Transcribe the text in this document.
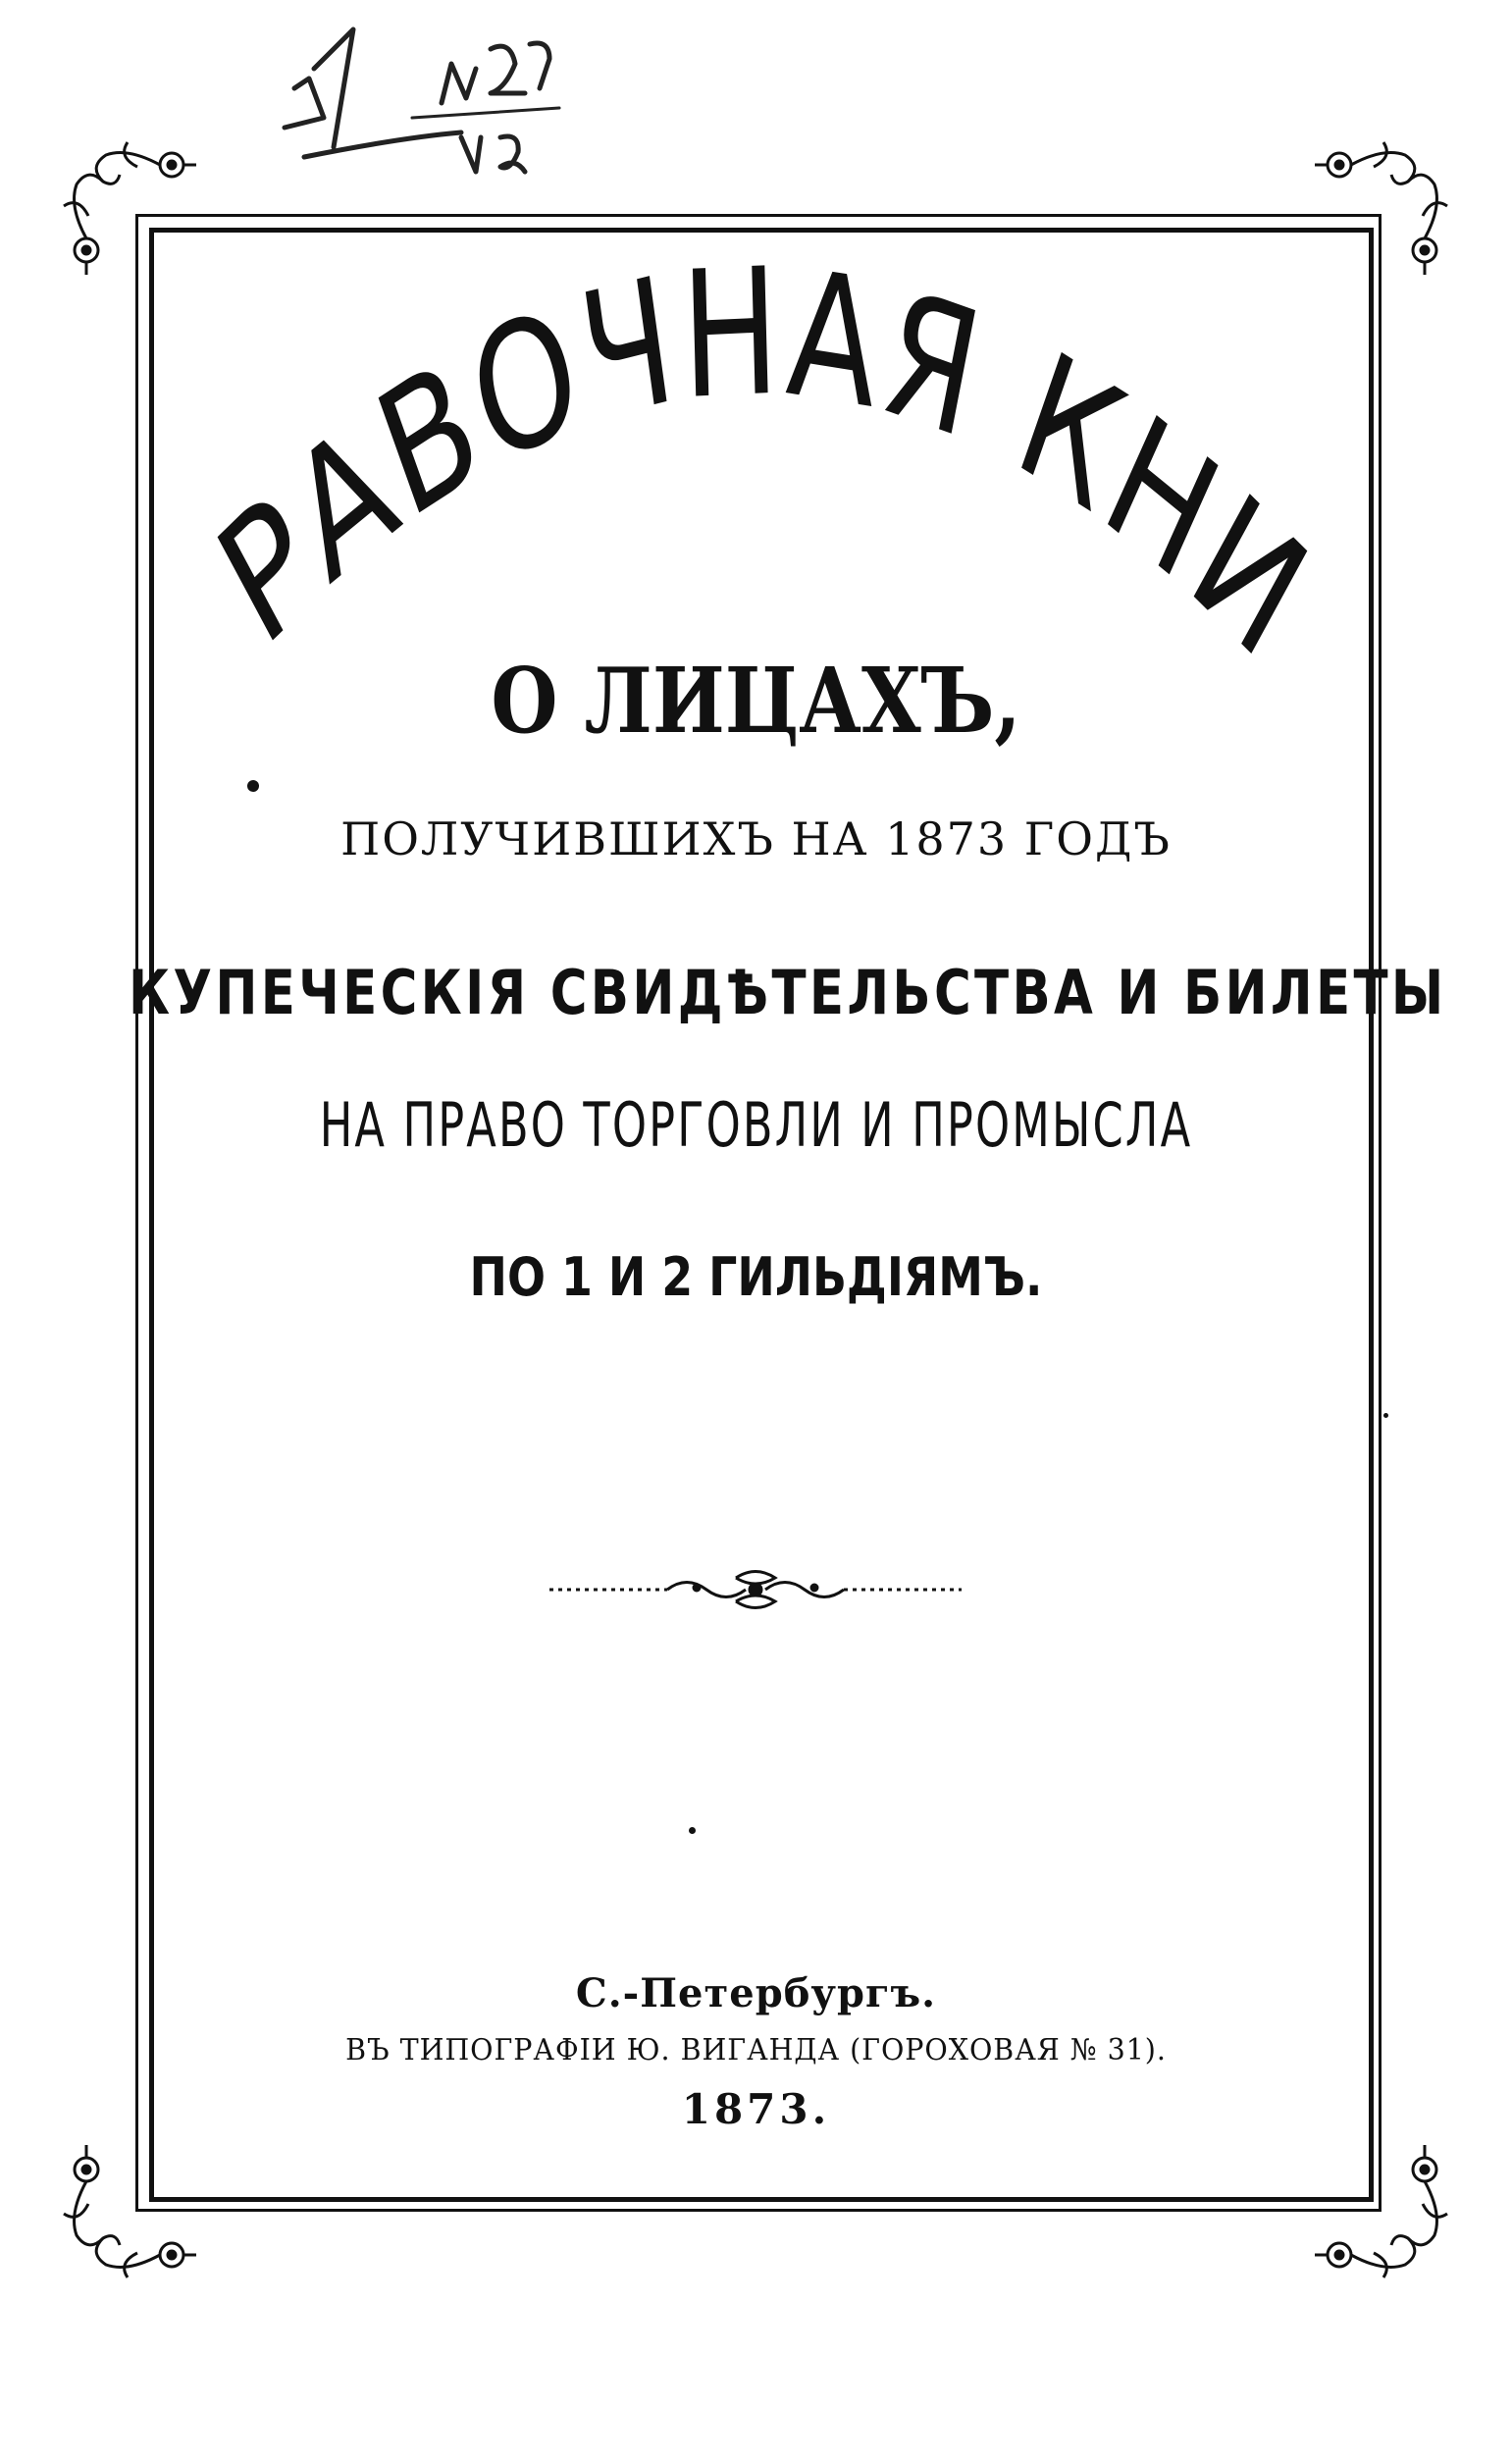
СПРАВОЧНАЯ КНИГА
О ЛИЦАХЪ,
ПОЛУЧИВШИХЪ НА 1873 ГОДЪ
КУПЕЧЕСКІЯ СВИДѢТЕЛЬСТВА И БИЛЕТЫ
НА ПРАВО ТОРГОВЛИ И ПРОМЫСЛА
ПО 1 И 2 ГИЛЬДІЯМЪ.
С.-Петербургъ.
ВЪ ТИПОГРАФІИ Ю. ВИГАНДА (ГОРОХОВАЯ № 31).
1873.
